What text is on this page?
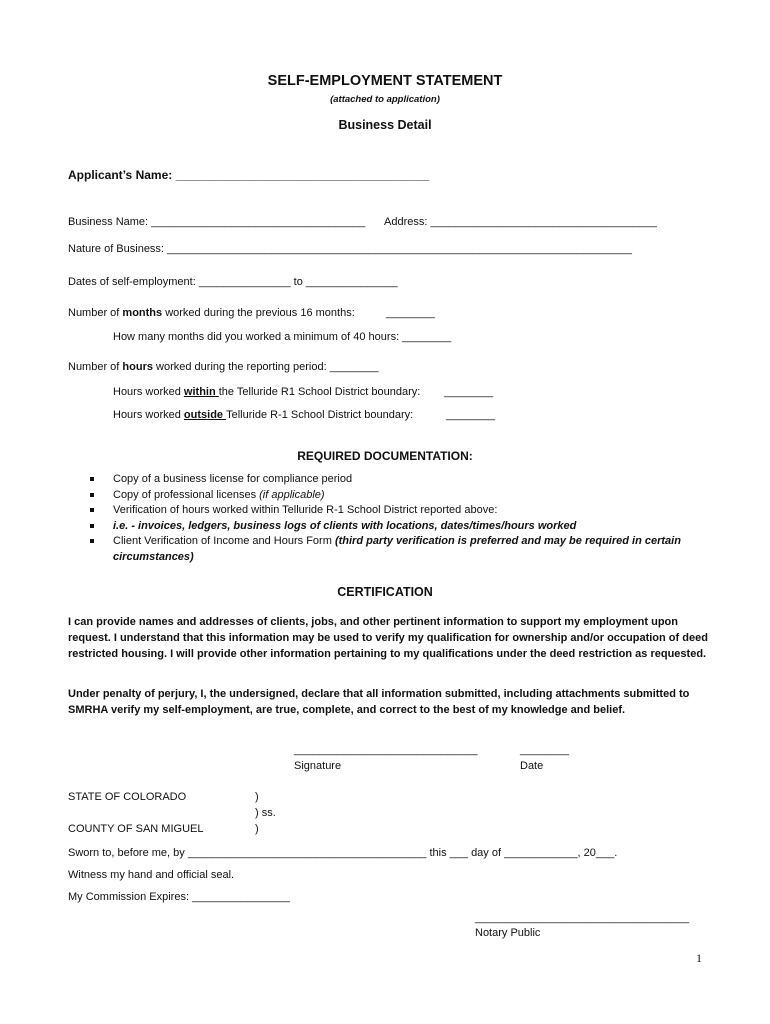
SELF-EMPLOYMENT STATEMENT
(attached to application)
Business Detail
Applicant’s Name: ______________________________________
Business Name: ___________________________________ Address: _____________________________________
Nature of Business: ____________________________________________________________________________
Dates of self-employment: _______________ to _______________
Number of months worked during the previous 16 months:	________
How many months did you worked a minimum of 40 hours: ________
Number of hours worked during the reporting period: ________
Hours worked within the Telluride R1 School District boundary: ________
Hours worked outside Telluride R-1 School District boundary:	________
REQUIRED DOCUMENTATION:
Copy of a business license for compliance period
Copy of professional licenses (if applicable)
Verification of hours worked within Telluride R-1 School District reported above:
i.e. - invoices, ledgers, business logs of clients with locations, dates/times/hours worked
Client Verification of Income and Hours Form (third party verification is preferred and may be required in certain circumstances)
CERTIFICATION
I can provide names and addresses of clients, jobs, and other pertinent information to support my employment upon request. I understand that this information may be used to verify my qualification for ownership and/or occupation of deed restricted housing. I will provide other information pertaining to my qualifications under the deed restriction as requested.
Under penalty of perjury, I, the undersigned, declare that all information submitted, including attachments submitted to SMRHA verify my self-employment, are true, complete, and correct to the best of my knowledge and belief.
______________________________	________
Signature	Date
STATE OF COLORADO	)
) ss.
COUNTY OF SAN MIGUEL	)
Sworn to, before me, by _______________________________________ this ___ day of ____________, 20___.
Witness my hand and official seal.
My Commission Expires: ________________
___________________________________
Notary Public
1
